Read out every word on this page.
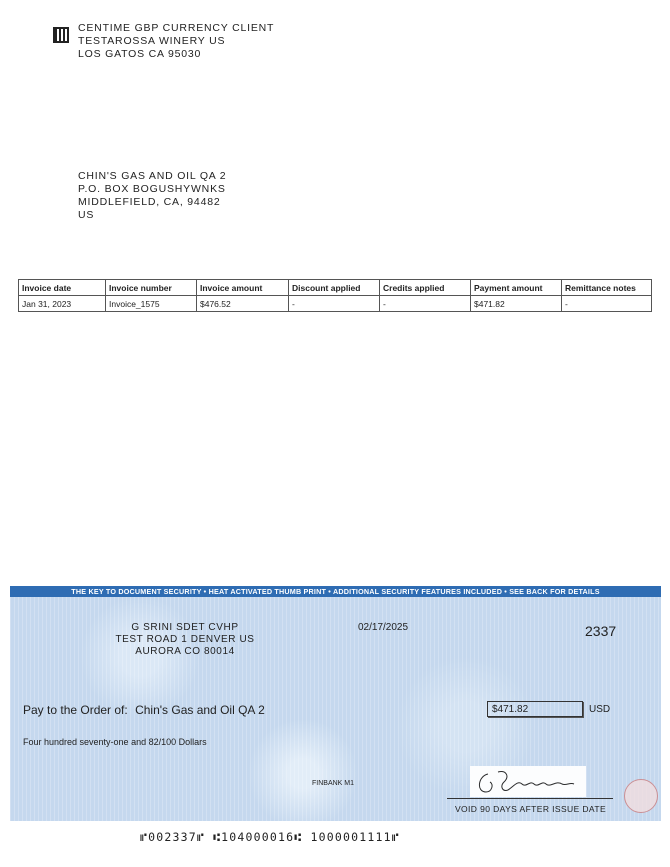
CENTIME GBP CURRENCY CLIENT
TESTAROSSA WINERY US
LOS GATOS CA 95030
CHIN'S GAS AND OIL QA 2
P.O. BOX BOGUSHYWNKS
MIDDLEFIELD, CA, 94482
US
Invoice date	Invoice number	Invoice amount	Discount applied	Credits applied	Payment amount	Remittance notes
Jan 31, 2023	Invoice_1575	$476.52	-	-	$471.82	-
THE KEY TO DOCUMENT SECURITY • HEAT ACTIVATED THUMB PRINT • ADDITIONAL SECURITY FEATURES INCLUDED • SEE BACK FOR DETAILS
G SRINI SDET CVHP
TEST ROAD 1 DENVER US
AURORA CO 80014
02/17/2025	2337
Pay to the Order of: Chin's Gas and Oil QA 2	$471.82	USD
Four hundred seventy-one and 82/100 Dollars
FINBANK M1
VOID 90 DAYS AFTER ISSUE DATE
⑈002337⑈ ⑆104000016⑆ 1000001111⑈
